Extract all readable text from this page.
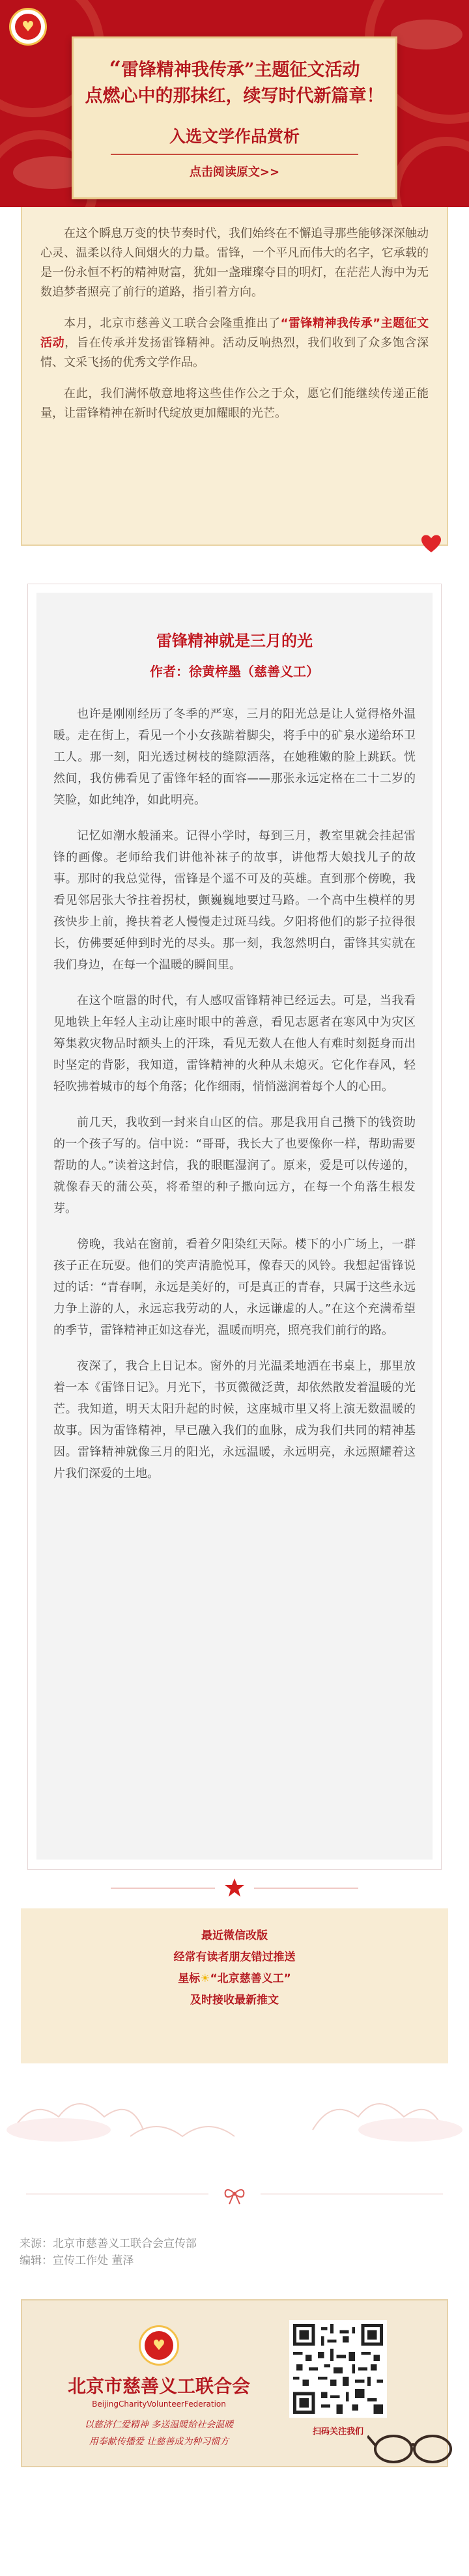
♥
“雷锋精神我传承”主题征文活动
点燃心中的那抹红，续写时代新篇章！
入选文学作品赏析
点击阅读原文>>

在这个瞬息万变的快节奏时代，我们始终在不懈追寻那些能够深深触动心灵、温柔以待人间烟火的力量。雷锋，一个平凡而伟大的名字，它承载的是一份永恒不朽的精神财富，犹如一盏璀璨夺目的明灯，在茫茫人海中为无数追梦者照亮了前行的道路，指引着方向。

本月，北京市慈善义工联合会隆重推出了“雷锋精神我传承”主题征文活动，旨在传承并发扬雷锋精神。活动反响热烈，我们收到了众多饱含深情、文采飞扬的优秀文学作品。

在此，我们满怀敬意地将这些佳作公之于众，愿它们能继续传递正能量，让雷锋精神在新时代绽放更加耀眼的光芒。

雷锋精神就是三月的光
作者：徐黄梓墨（慈善义工）

也许是刚刚经历了冬季的严寒，三月的阳光总是让人觉得格外温暖。走在街上，看见一个小女孩踮着脚尖，将手中的矿泉水递给环卫工人。那一刻，阳光透过树枝的缝隙洒落，在她稚嫩的脸上跳跃。恍然间，我仿佛看见了雷锋年轻的面容——那张永远定格在二十二岁的笑脸，如此纯净，如此明亮。

记忆如潮水般涌来。记得小学时，每到三月，教室里就会挂起雷锋的画像。老师给我们讲他补袜子的故事，讲他帮大娘找儿子的故事。那时的我总觉得，雷锋是个遥不可及的英雄。直到那个傍晚，我看见邻居张大爷拄着拐杖，颤巍巍地要过马路。一个高中生模样的男孩快步上前，搀扶着老人慢慢走过斑马线。夕阳将他们的影子拉得很长，仿佛要延伸到时光的尽头。那一刻，我忽然明白，雷锋其实就在我们身边，在每一个温暖的瞬间里。

在这个喧嚣的时代，有人感叹雷锋精神已经远去。可是，当我看见地铁上年轻人主动让座时眼中的善意，看见志愿者在寒风中为灾区筹集救灾物品时额头上的汗珠，看见无数人在他人有难时刻挺身而出时坚定的背影，我知道，雷锋精神的火种从未熄灭。它化作春风，轻轻吹拂着城市的每个角落；化作细雨，悄悄滋润着每个人的心田。

前几天，我收到一封来自山区的信。那是我用自己攒下的钱资助的一个孩子写的。信中说：“哥哥，我长大了也要像你一样，帮助需要帮助的人。”读着这封信，我的眼眶湿润了。原来，爱是可以传递的，就像春天的蒲公英，将希望的种子撒向远方，在每一个角落生根发芽。

傍晚，我站在窗前，看着夕阳染红天际。楼下的小广场上，一群孩子正在玩耍。他们的笑声清脆悦耳，像春天的风铃。我想起雷锋说过的话：“青春啊，永远是美好的，可是真正的青春，只属于这些永远力争上游的人，永远忘我劳动的人，永远谦虚的人。”在这个充满希望的季节，雷锋精神正如这春光，温暖而明亮，照亮我们前行的路。

夜深了，我合上日记本。窗外的月光温柔地洒在书桌上，那里放着一本《雷锋日记》。月光下，书页微微泛黄，却依然散发着温暖的光芒。我知道，明天太阳升起的时候，这座城市里又将上演无数温暖的故事。因为雷锋精神，早已融入我们的血脉，成为我们共同的精神基因。雷锋精神就像三月的阳光，永远温暖，永远明亮，永远照耀着这片我们深爱的土地。

最近微信改版

经常有读者朋友错过推送

星标☀“北京慈善义工”

及时接收最新推文

来源：北京市慈善义工联合会宣传部
编辑：宣传工作处 董泽
♥
北京市慈善义工联合会
BeijingCharityVolunteerFederation
以慈济仁爱精神 多送温暖给社会温暖
用奉献传播爱 让慈善成为种习惯方
扫码关注我们
